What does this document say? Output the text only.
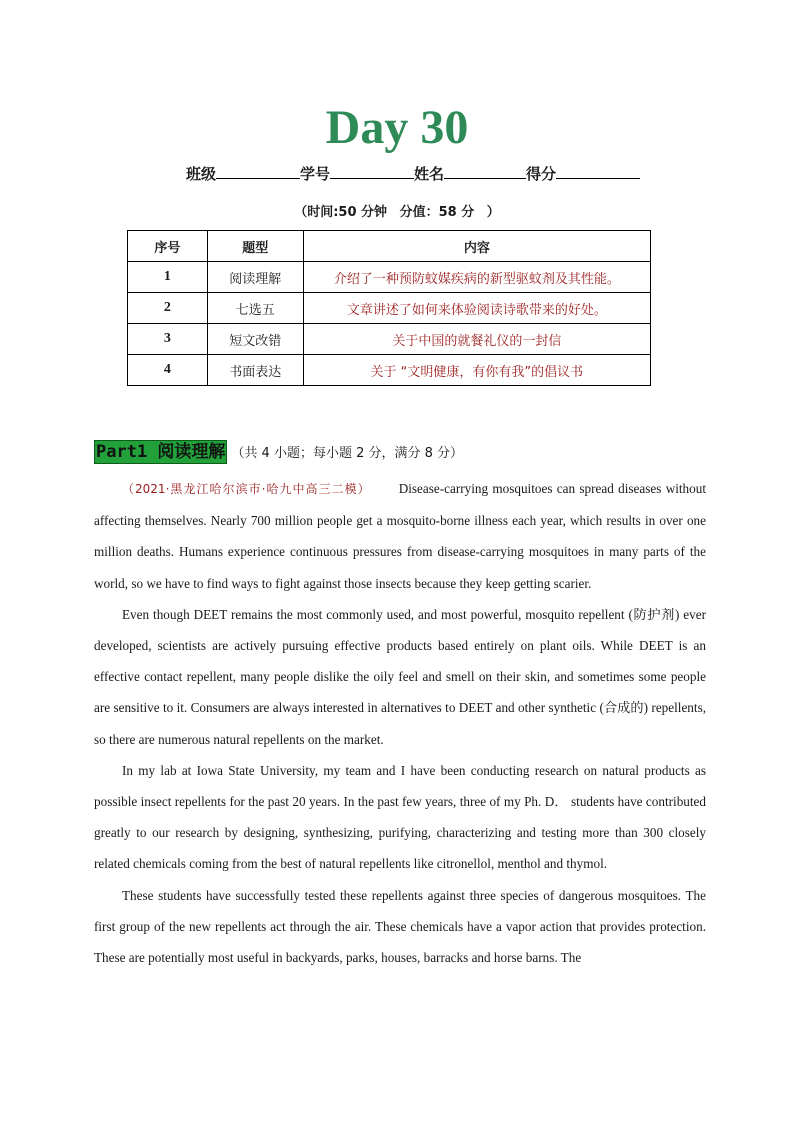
Day 30
班级	学号	姓名	得分
（时间:50 分钟 分值：58 分 ）
序号	题型	内容
1	阅读理解	介绍了一种预防蚊媒疾病的新型驱蚊剂及其性能。
2	七选五	文章讲述了如何来体验阅读诗歌带来的好处。
3	短文改错	关于中国的就餐礼仪的一封信
4	书面表达	关于 “文明健康，有你有我”的倡议书
Part1 阅读理解 （共 4 小题；每小题 2 分，满分 8 分）

（2021·黑龙江哈尔滨市·哈九中高三二模） Disease-carrying mosquitoes can spread diseases without affecting themselves. Nearly 700 million people get a mosquito-borne illness each year, which results in over one million deaths. Humans experience continuous pressures from disease-carrying mosquitoes in many parts of the world, so we have to find ways to fight against those insects because they keep getting scarier.

Even though DEET remains the most commonly used, and most powerful, mosquito repellent (防护剂) ever developed, scientists are actively pursuing effective products based entirely on plant oils. While DEET is an effective contact repellent, many people dislike the oily feel and smell on their skin, and sometimes some people are sensitive to it. Consumers are always interested in alternatives to DEET and other synthetic (合成的) repellents, so there are numerous natural repellents on the market.

In my lab at Iowa State University, my team and I have been conducting research on natural products as possible insect repellents for the past 20 years. In the past few years, three of my Ph. D． students have contributed greatly to our research by designing, synthesizing, purifying, characterizing and testing more than 300 closely related chemicals coming from the best of natural repellents like citronellol, menthol and thymol.

These students have successfully tested these repellents against three species of dangerous mosquitoes. The first group of the new repellents act through the air. These chemicals have a vapor action that provides protection. These are potentially most useful in backyards, parks, houses, barracks and horse barns. The
